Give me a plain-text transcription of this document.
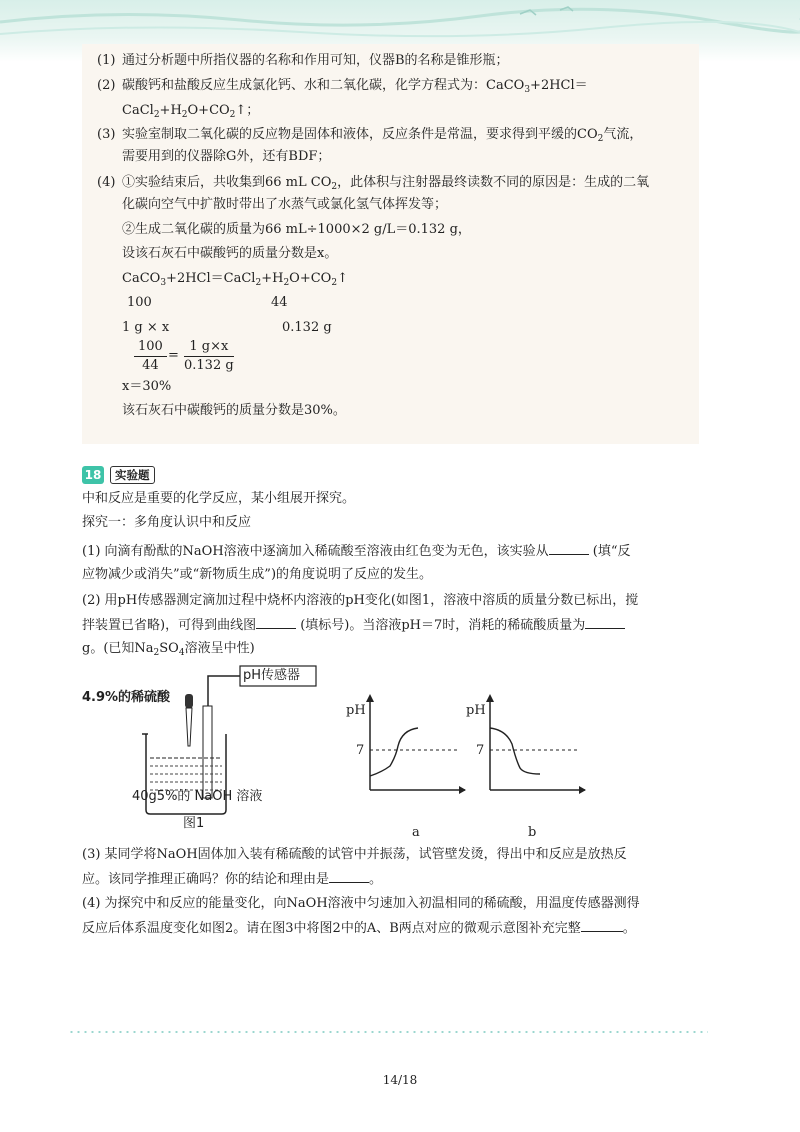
(1) 通过分析题中所指仪器的名称和作用可知，仪器B的名称是锥形瓶；
(2) 碳酸钙和盐酸反应生成氯化钙、水和二氧化碳，化学方程式为：CaCO$_3$+2HCl＝
$CaCl_2+H_2O+CO_2↑$；
(3) 实验室制取二氧化碳的反应物是固体和液体，反应条件是常温，要求得到平缓的$CO_2$气流，
需要用到的仪器除G外，还有BDF；
(4) ①实验结束后，共收集到66 mL $CO_2$，此体积与注射器最终读数不同的原因是：生成的二氧
化碳向空气中扩散时带出了水蒸气或氯化氢气体挥发等；
②生成二氧化碳的质量为66 mL÷1000×2 g/L＝0.132 g，
设该石灰石中碳酸钙的质量分数是x。
$CaCO_3+2HCl=CaCl_2+H_2O+CO_2↑$
100	44
1 g × x	0.132 g
$\frac{100}{44} = \frac{1 g\times x}{0.132 g}$
x＝30%
该石灰石中碳酸钙的质量分数是30%。
18	实验题
中和反应是重要的化学反应，某小组展开探究。
探究一：多角度认识中和反应
(1) 向滴有酚酞的NaOH溶液中逐滴加入稀硫酸至溶液由红色变为无色，该实验从	(填“反
应物减少或消失”或“新物质生成”)的角度说明了反应的发生。
(2) 用pH传感器测定滴加过程中烧杯内溶液的pH变化(如图1，溶液中溶质的质量分数已标出，搅
拌装置已省略)，可得到曲线图	(填标号)。当溶液pH＝7时，消耗的稀硫酸质量为
g。(已知$Na_2SO_4$溶液呈中性)
4.9%的稀硫酸
pH传感器
40g5%的 NaOH 溶液
图1
pH
7
a
pH
7
b
(3) 某同学将NaOH固体加入装有稀硫酸的试管中并振荡，试管壁发烫，得出中和反应是放热反
应。该同学推理正确吗？你的结论和理由是	。
(4) 为探究中和反应的能量变化，向NaOH溶液中匀速加入初温相同的稀硫酸，用温度传感器测得
反应后体系温度变化如图2。请在图3中将图2中的A、B两点对应的微观示意图补充完整	。
14/18
